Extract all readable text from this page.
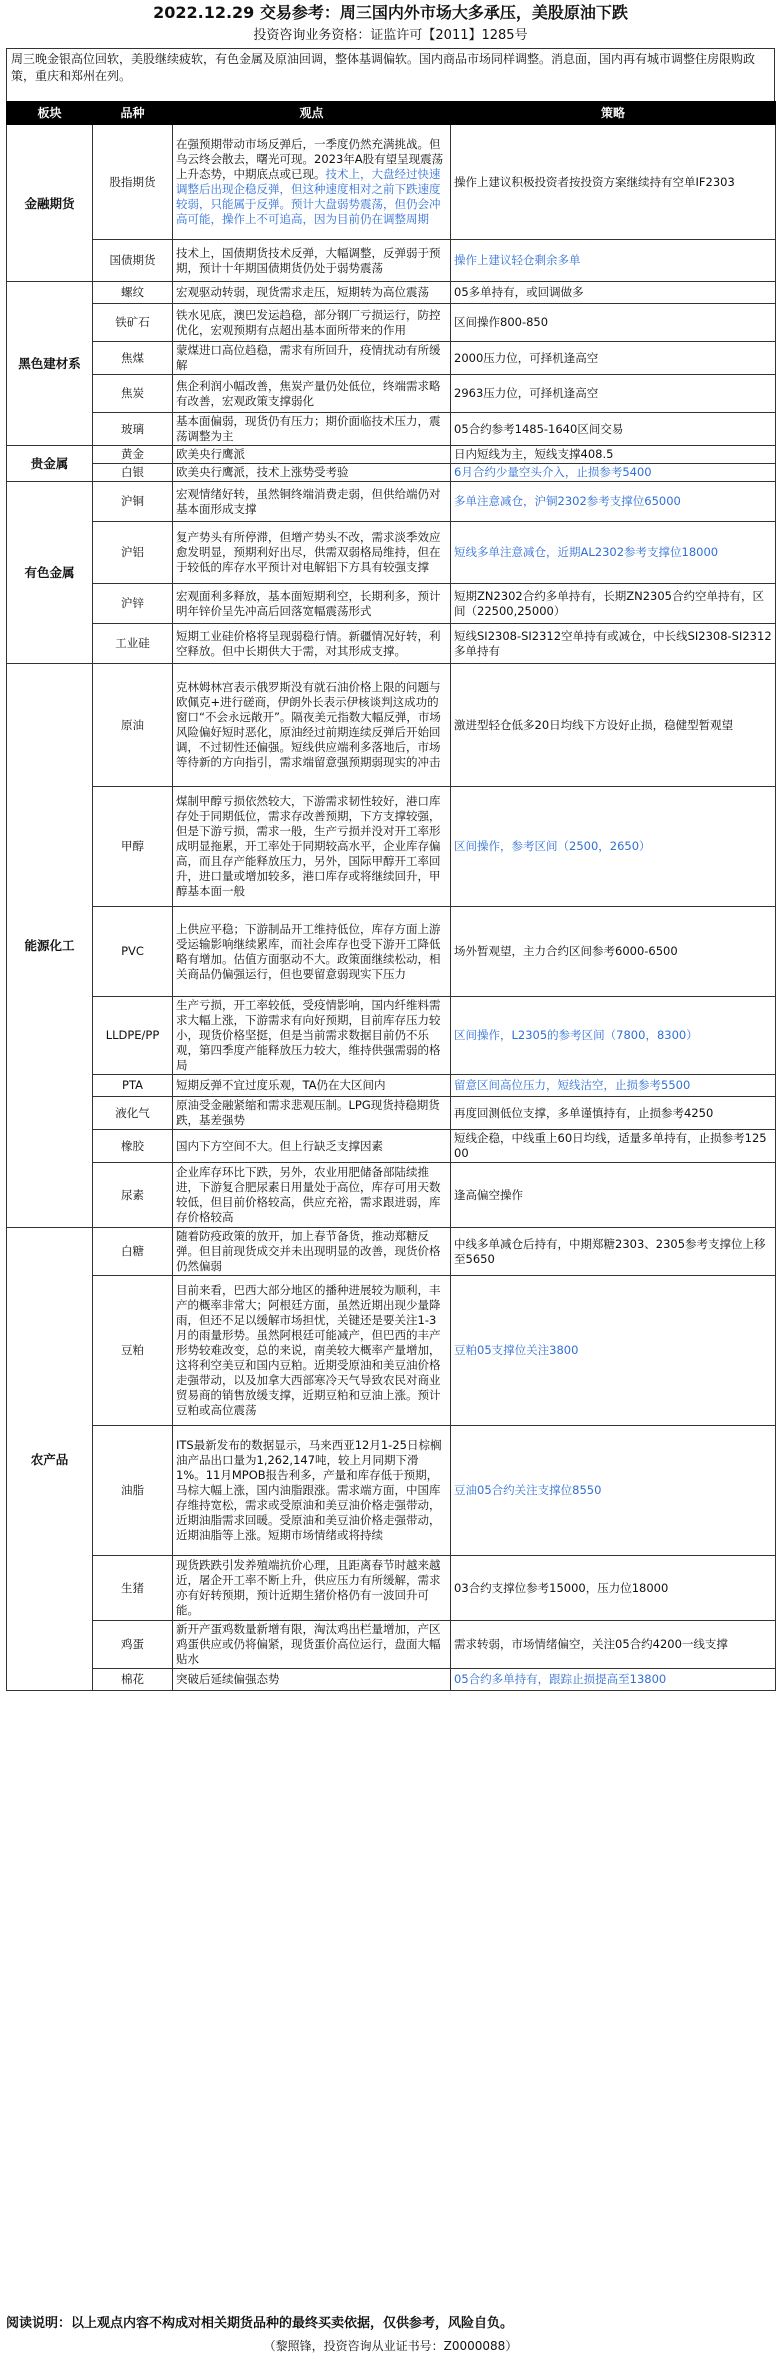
2022.12.29 交易参考：周三国内外市场大多承压，美股原油下跌
投资咨询业务资格：证监许可【2011】1285号
周三晚金银高位回软，美股继续疲软，有色金属及原油回调，整体基调偏软。国内商品市场同样调整。消息面，国内再有城市调整住房限购政策，重庆和郑州在列。
板块	品种	观点	策略
金融期货	股指期货	在强预期带动市场反弹后，一季度仍然充满挑战。但乌云终会散去，曙光可现。2023年A股有望呈现震荡上升态势，中期底点或已现。技术上，大盘经过快速调整后出现企稳反弹，但这种速度相对之前下跌速度较弱，只能属于反弹。预计大盘弱势震荡，但仍会冲高可能，操作上不可追高，因为目前仍在调整周期	操作上建议积极投资者按投资方案继续持有空单IF2303
	国债期货	技术上，国债期货技术反弹，大幅调整，反弹弱于预期，预计十年期国债期货仍处于弱势震荡	操作上建议轻仓剩余多单
黑色建材系	螺纹	宏观驱动转弱，现货需求走压，短期转为高位震荡	05多单持有，或回调做多
	铁矿石	铁水见底，澳巴发运趋稳，部分钢厂亏损运行，防控优化，宏观预期有点超出基本面所带来的作用	区间操作800-850
	焦煤	蒙煤进口高位趋稳，需求有所回升，疫情扰动有所缓解	2000压力位，可择机逢高空
	焦炭	焦企利润小幅改善，焦炭产量仍处低位，终端需求略有改善，宏观政策支撑弱化	2963压力位，可择机逢高空
	玻璃	基本面偏弱，现货仍有压力；期价面临技术压力，震荡调整为主	05合约参考1485-1640区间交易
贵金属	黄金	欧美央行鹰派	日内短线为主，短线支撑408.5
	白银	欧美央行鹰派，技术上涨势受考验	6月合约少量空头介入，止损参考5400
有色金属	沪铜	宏观情绪好转，虽然铜终端消费走弱，但供给端仍对基本面形成支撑	多单注意减仓，沪铜2302参考支撑位65000
	沪铝	复产势头有所停滞，但增产势头不改，需求淡季效应愈发明显，预期利好出尽，供需双弱格局维持，但在于较低的库存水平预计对电解铝下方具有较强支撑	短线多单注意减仓，近期AL2302参考支撑位18000
	沪锌	宏观面利多释放，基本面短期利空，长期利多，预计明年锌价呈先冲高后回落宽幅震荡形式	短期ZN2302合约多单持有，长期ZN2305合约空单持有，区间（22500,25000）
	工业硅	短期工业硅价格将呈现弱稳行情。新疆情况好转，利空释放。但中长期供大于需，对其形成支撑。	短线SI2308-SI2312空单持有或减仓，中长线SI2308-SI2312多单持有
能源化工	原油	克林姆林宫表示俄罗斯没有就石油价格上限的问题与欧佩克+进行磋商，伊朗外长表示伊核谈判这成功的窗口“不会永远敞开”。隔夜美元指数大幅反弹，市场风险偏好短时恶化，原油经过前期连续反弹后开始回调，不过韧性还偏强。短线供应端利多落地后，市场等待新的方向指引，需求端留意强预期弱现实的冲击	激进型轻仓低多20日均线下方设好止损，稳健型暂观望
	甲醇	煤制甲醇亏损依然较大，下游需求韧性较好，港口库存处于同期低位，需求存改善预期，下方支撑较强，但是下游亏损，需求一般，生产亏损并没对开工率形成明显拖累，开工率处于同期较高水平，企业库存偏高，而且存产能释放压力，另外，国际甲醇开工率回升，进口量或增加较多，港口库存或将继续回升，甲醇基本面一般	区间操作，参考区间（2500，2650）
	PVC	上供应平稳；下游制品开工维持低位，库存方面上游受运输影响继续累库，而社会库存也受下游开工降低略有增加。估值方面驱动不大。政策面继续松动，相关商品仍偏强运行，但也要留意弱现实下压力	场外暂观望，主力合约区间参考6000-6500
	LLDPE/PP	生产亏损，开工率较低，受疫情影响，国内纤维料需求大幅上涨，下游需求有向好预期，目前库存压力较小，现货价格坚挺，但是当前需求数据目前仍不乐观，第四季度产能释放压力较大，维持供强需弱的格局	区间操作，L2305的参考区间（7800，8300）
	PTA	短期反弹不宜过度乐观，TA仍在大区间内	留意区间高位压力，短线沽空，止损参考5500
	液化气	原油受金融紧缩和需求悲观压制。LPG现货持稳期货跌，基差强势	再度回测低位支撑，多单谨慎持有，止损参考4250
	橡胶	国内下方空间不大。但上行缺乏支撑因素	短线企稳，中线重上60日均线，适量多单持有，止损参考12500
	尿素	企业库存环比下跌，另外，农业用肥储备部陆续推进，下游复合肥尿素日用量处于高位，库存可用天数较低，但目前价格较高，供应充裕，需求跟进弱，库存价格较高	逢高偏空操作
农产品	白糖	随着防疫政策的放开，加上春节备货，推动郑糖反弹。但目前现货成交并未出现明显的改善，现货价格仍然偏弱	中线多单减仓后持有，中期郑糖2303、2305参考支撑位上移至5650
	豆粕	目前来看，巴西大部分地区的播种进展较为顺利，丰产的概率非常大；阿根廷方面，虽然近期出现少量降雨，但还不足以缓解市场担忧，关键还是要关注1-3月的雨量形势。虽然阿根廷可能减产，但巴西的丰产形势较难改变，总的来说，南美较大概率产量增加，这将利空美豆和国内豆粕。近期受原油和美豆油价格走强带动，以及加拿大西部寒冷天气导致农民对商业贸易商的销售放缓支撑，近期豆粕和豆油上涨。预计豆粕或高位震荡	豆粕05支撑位关注3800
	油脂	ITS最新发布的数据显示，马来西亚12月1-25日棕榈油产品出口量为1,262,147吨，较上月同期下滑1%。11月MPOB报告利多，产量和库存低于预期，马棕大幅上涨，国内油脂跟涨。需求端方面，中国库存维持宽松，需求或受原油和美豆油价格走强带动，近期油脂需求回暖。受原油和美豆油价格走强带动，近期油脂等上涨。短期市场情绪或将持续	豆油05合约关注支撑位8550
	生猪	现货跌跌引发养殖端抗价心理，且距离春节时越来越近，屠企开工率不断上升，供应压力有所缓解，需求亦有好转预期，预计近期生猪价格仍有一波回升可能。	03合约支撑位参考15000，压力位18000
	鸡蛋	新开产蛋鸡数量新增有限，淘汰鸡出栏量增加，产区鸡蛋供应或仍将偏紧，现货蛋价高位运行，盘面大幅贴水	需求转弱，市场情绪偏空，关注05合约4200一线支撑
	棉花	突破后延续偏强态势	05合约多单持有，跟踪止损提高至13800
阅读说明：以上观点内容不构成对相关期货品种的最终买卖依据，仅供参考，风险自负。
（黎照锋，投资咨询从业证书号：Z0000088）
